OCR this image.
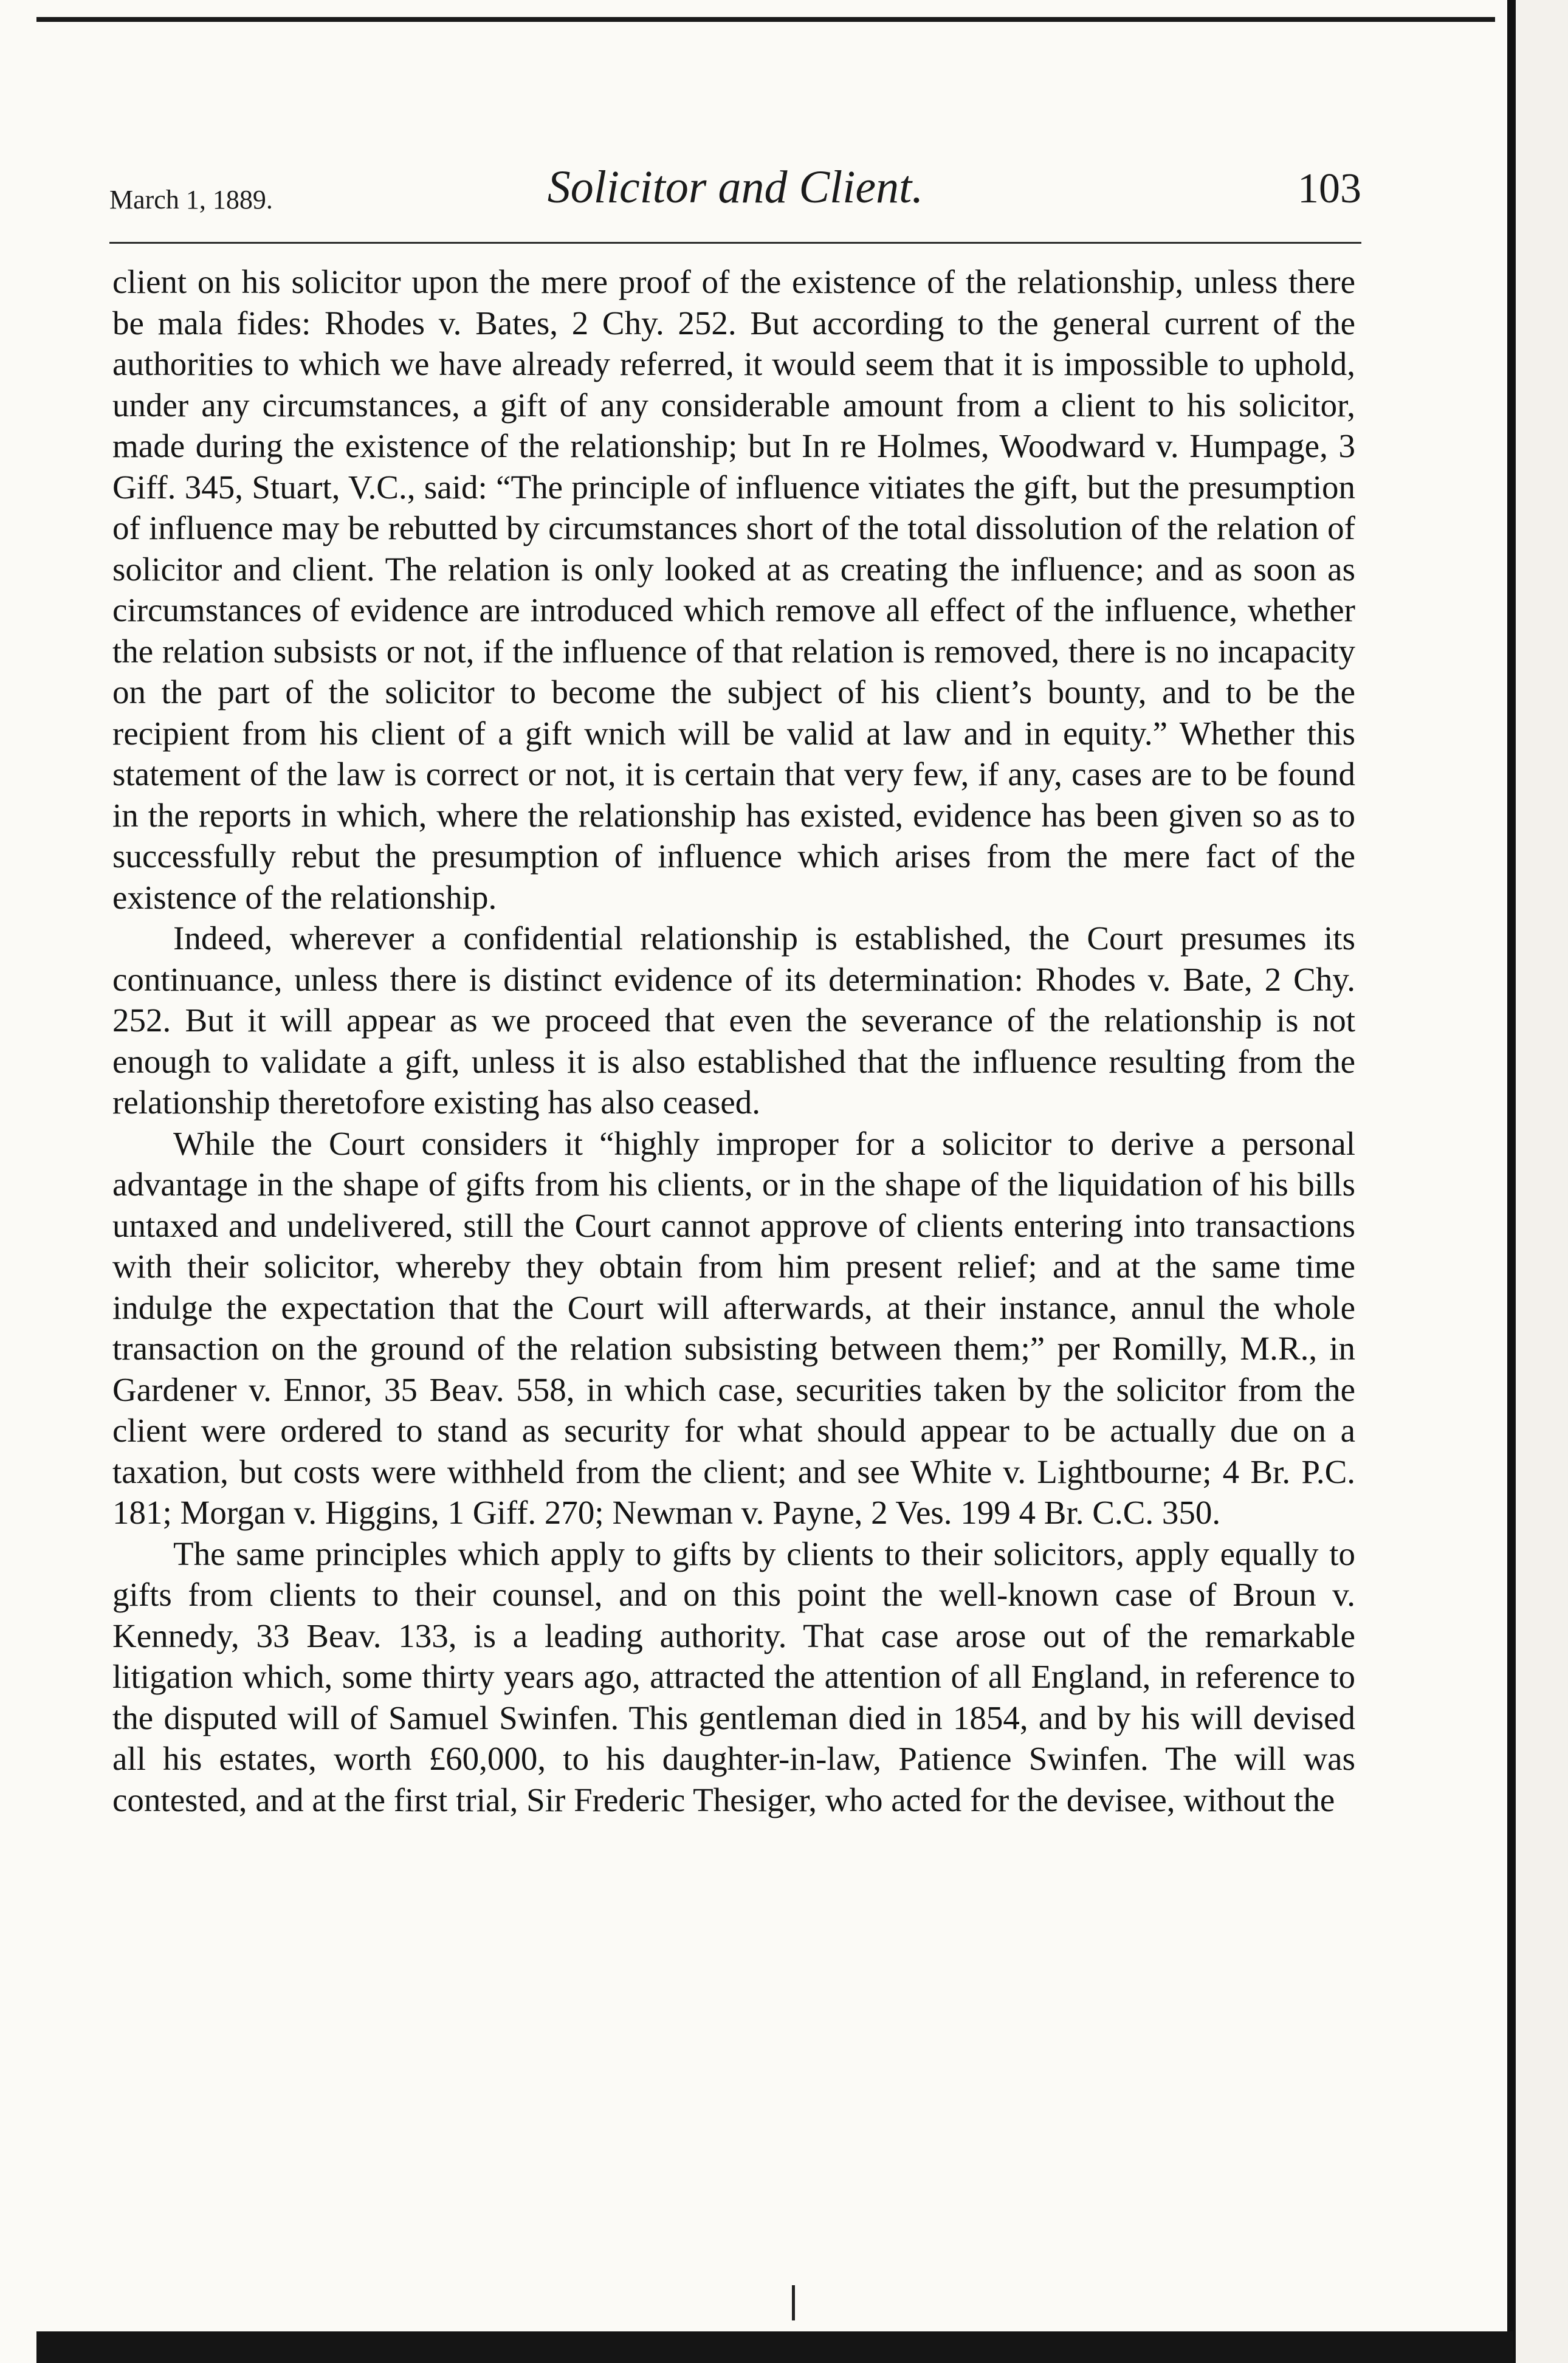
March 1, 1889.	Solicitor and Client.	103

client on his solicitor upon the mere proof of the existence of the relationship, unless there be mala fides: Rhodes v. Bates, 2 Chy. 252. But according to the general current of the authorities to which we have already referred, it would seem that it is impossible to uphold, under any circumstances, a gift of any considerable amount from a client to his solicitor, made during the existence of the relationship; but In re Holmes, Woodward v. Humpage, 3 Giff. 345, Stuart, V.C., said: “The principle of influence vitiates the gift, but the presumption of influence may be rebutted by circumstances short of the total dissolution of the relation of solicitor and client. The relation is only looked at as creating the influence; and as soon as circumstances of evidence are introduced which remove all effect of the influence, whether the relation subsists or not, if the influence of that relation is removed, there is no incapacity on the part of the solicitor to become the subject of his client’s bounty, and to be the recipient from his client of a gift wnich will be valid at law and in equity.” Whether this statement of the law is correct or not, it is certain that very few, if any, cases are to be found in the reports in which, where the relationship has existed, evidence has been given so as to successfully rebut the presumption of influence which arises from the mere fact of the existence of the relationship.

Indeed, wherever a confidential relationship is established, the Court presumes its continuance, unless there is distinct evidence of its determination: Rhodes v. Bate, 2 Chy. 252. But it will appear as we proceed that even the severance of the relationship is not enough to validate a gift, unless it is also established that the influence resulting from the relationship theretofore existing has also ceased.

While the Court considers it “highly improper for a solicitor to derive a personal advantage in the shape of gifts from his clients, or in the shape of the liquidation of his bills untaxed and undelivered, still the Court cannot approve of clients entering into transactions with their solicitor, whereby they obtain from him present relief; and at the same time indulge the expectation that the Court will afterwards, at their instance, annul the whole transaction on the ground of the relation subsisting between them;” per Romilly, M.R., in Gardener v. Ennor, 35 Beav. 558, in which case, securities taken by the solicitor from the client were ordered to stand as security for what should appear to be actually due on a taxation, but costs were withheld from the client; and see White v. Lightbourne; 4 Br. P.C. 181; Morgan v. Higgins, 1 Giff. 270; Newman v. Payne, 2 Ves. 199 4 Br. C.C. 350.

The same principles which apply to gifts by clients to their solicitors, apply equally to gifts from clients to their counsel, and on this point the well-known case of Broun v. Kennedy, 33 Beav. 133, is a leading authority. That case arose out of the remarkable litigation which, some thirty years ago, attracted the attention of all England, in reference to the disputed will of Samuel Swinfen. This gentleman died in 1854, and by his will devised all his estates, worth £60,000, to his daughter-in-law, Patience Swinfen. The will was contested, and at the first trial, Sir Frederic Thesiger, who acted for the devisee, without the
